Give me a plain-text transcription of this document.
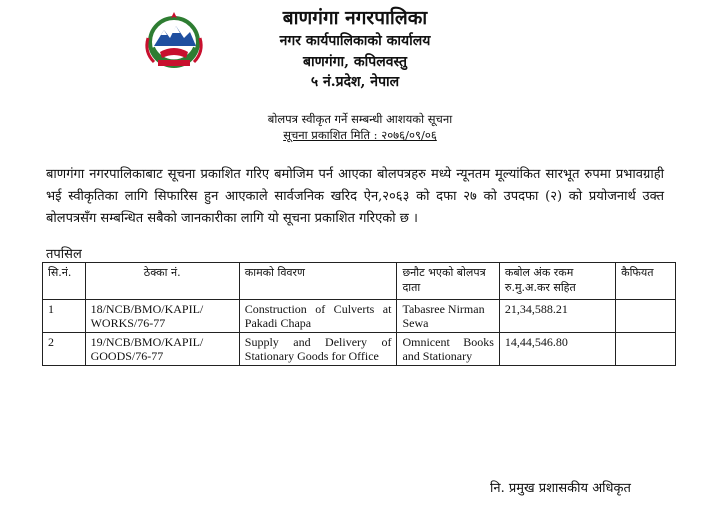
बाणगंगा नगरपालिका
नगर कार्यपालिकाको कार्यालय
बाणगंगा, कपिलवस्तु
५ नं.प्रदेश, नेपाल
बोलपत्र स्वीकृत गर्ने सम्बन्धी आशयको सूचना
सूचना प्रकाशित मिति : २०७६/०९/०६

बाणगंगा नगरपालिकाबाट सूचना प्रकाशित गरिए बमोजिम पर्न आएका बोलपत्रहरु मध्ये न्यूनतम मूल्यांकित सारभूत रुपमा प्रभावग्राही भई स्वीकृतिका लागि सिफारिस हुन आएकाले सार्वजनिक खरिद ऐन,२०६३ को दफा २७ को उपदफा (२) को प्रयोजनार्थ उक्त बोलपत्रसँग सम्बन्धित सबैको जानकारीका लागि यो सूचना प्रकाशित गरिएको छ ।

तपसिल
सि.नं.	ठेक्का नं.	कामको विवरण	छनौट भएको बोलपत्र दाता	कबोल अंक रकम रु.मु.अ.कर सहित	कैफियत
1	18/NCB/BMO/KAPIL/ WORKS/76-77	Construction of Culverts at Pakadi Chapa	Tabasree Nirman Sewa	21,34,588.21	
2	19/NCB/BMO/KAPIL/ GOODS/76-77	Supply and Delivery of Stationary Goods for Office	Omnicent Books and Stationary	14,44,546.80	
नि. प्रमुख प्रशासकीय अधिकृत
